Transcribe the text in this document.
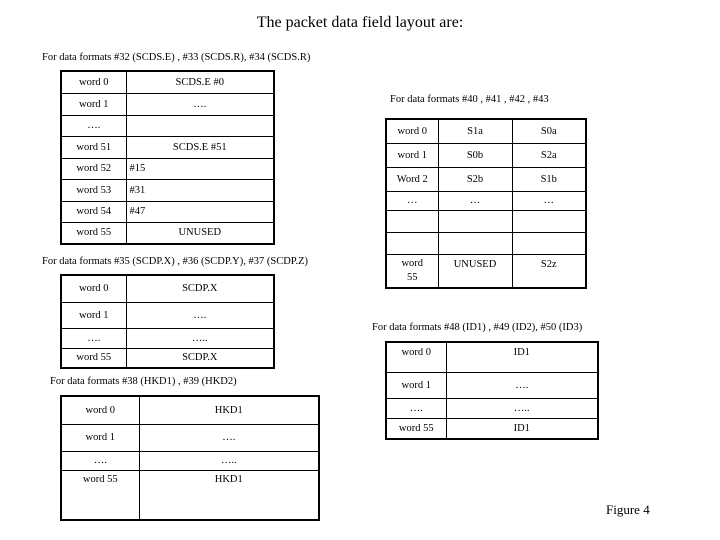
The packet data field layout are:
For data formats #32 (SCDS.E) , #33 (SCDS.R), #34 (SCDS.R)
word 0	SCDS.E #0
word 1	….
….	
word 51	SCDS.E #51
word 52	#15
word 53	#31
word 54	#47
word 55	UNUSED
For data formats #35 (SCDP.X) , #36 (SCDP.Y), #37 (SCDP.Z)
word 0	SCDP.X
word 1	….
….	…..
word 55	SCDP.X
For data formats #38 (HKD1) , #39 (HKD2)
word 0	HKD1
word 1	….
….	…..
word 55	HKD1
For data formats #40 , #41 , #42 , #43
word 0	S1a	S0a
word 1	S0b	S2a
Word 2	S2b	S1b
…	…	…

word 55	UNUSED	S2z
For data formats #48 (ID1) , #49 (ID2), #50 (ID3)
word 0	ID1
word 1	….
….	…..
word 55	ID1
Figure 4
